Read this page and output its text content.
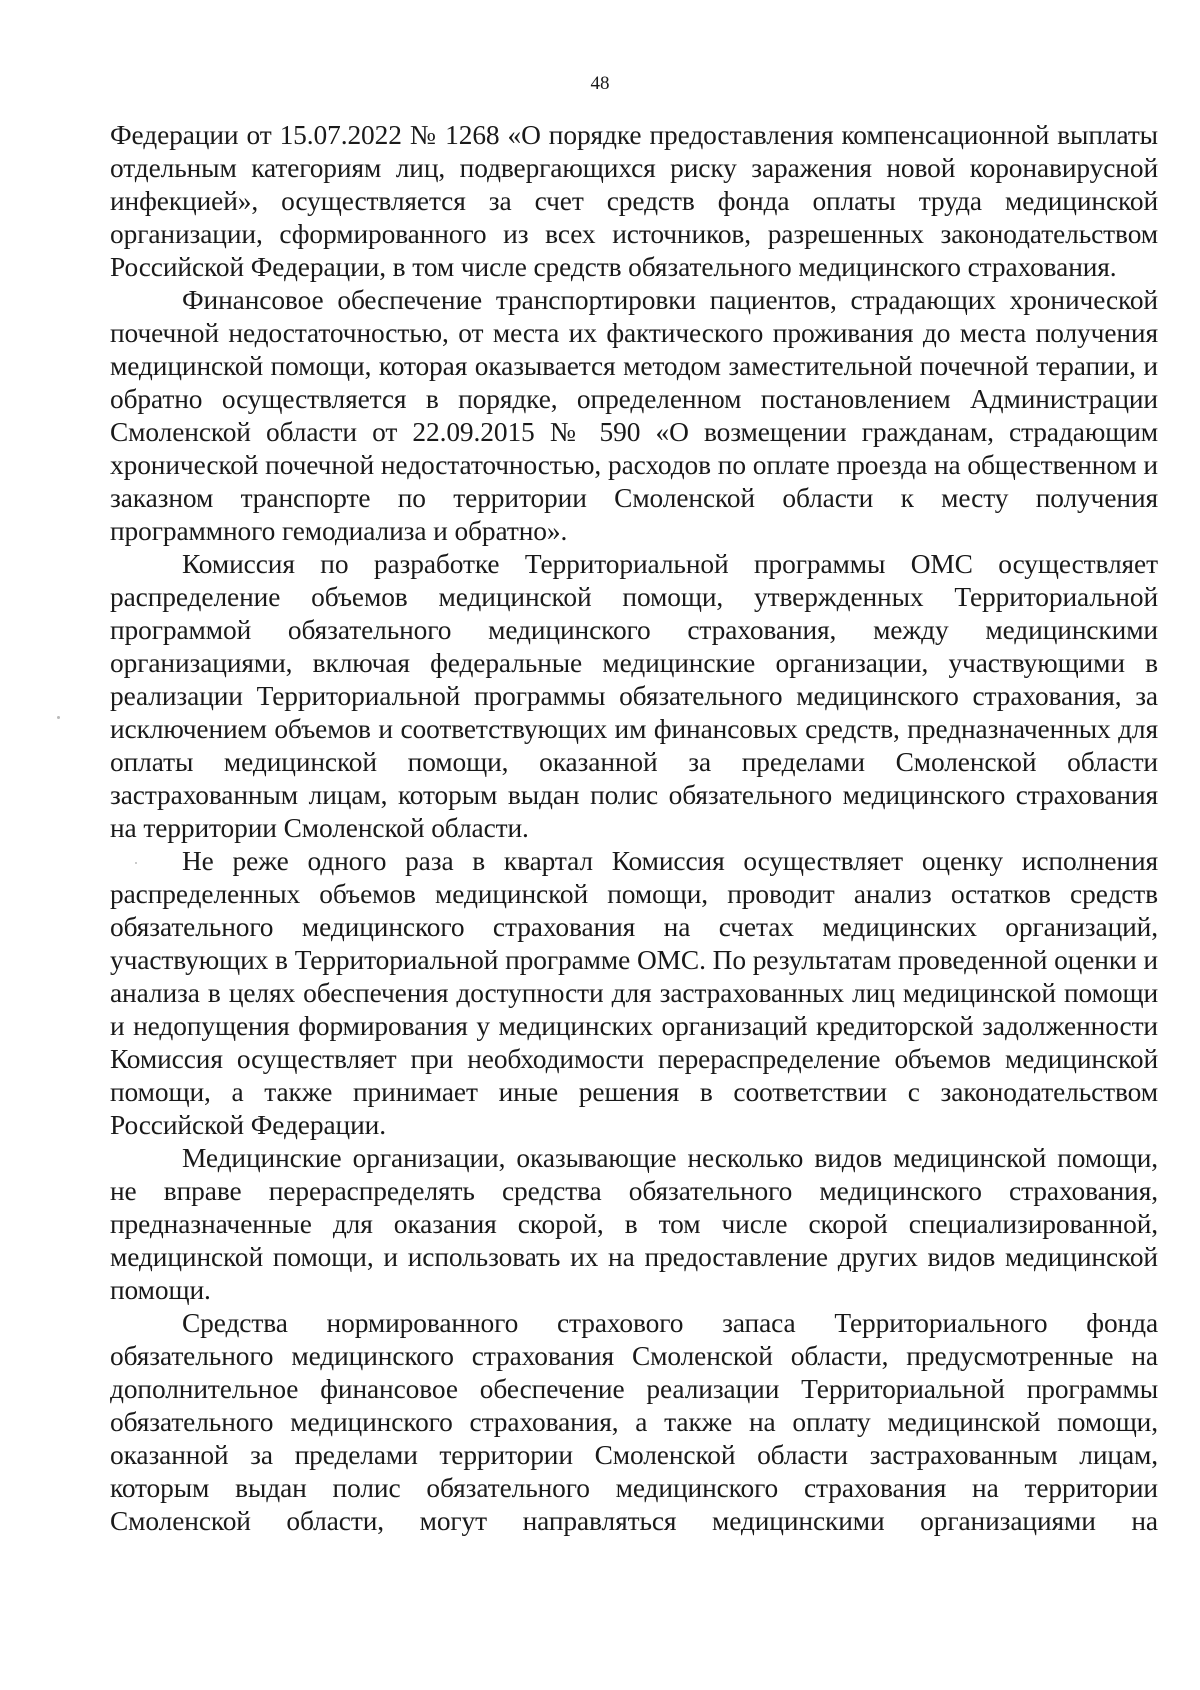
48

Федерации от 15.07.2022 № 1268 «О порядке предоставления компенсационной выплаты отдельным категориям лиц, подвергающихся риску заражения новой коронавирусной инфекцией», осуществляется за счет средств фонда оплаты труда медицинской организации, сформированного из всех источников, разрешенных законодательством Российской Федерации, в том числе средств обязательного медицинского страхования.

Финансовое обеспечение транспортировки пациентов, страдающих хронической почечной недостаточностью, от места их фактического проживания до места получения медицинской помощи, которая оказывается методом заместительной почечной терапии, и обратно осуществляется в порядке, определенном постановлением Администрации Смоленской области от 22.09.2015 № 590 «О возмещении гражданам, страдающим хронической почечной недостаточностью, расходов по оплате проезда на общественном и заказном транспорте по территории Смоленской области к месту получения программного гемодиализа и обратно».

Комиссия по разработке Территориальной программы ОМС осуществляет распределение объемов медицинской помощи, утвержденных Территориальной программой обязательного медицинского страхования, между медицинскими организациями, включая федеральные медицинские организации, участвующими в реализации Территориальной программы обязательного медицинского страхования, за исключением объемов и соответствующих им финансовых средств, предназначенных для оплаты медицинской помощи, оказанной за пределами Смоленской области застрахованным лицам, которым выдан полис обязательного медицинского страхования на территории Смоленской области.

Не реже одного раза в квартал Комиссия осуществляет оценку исполнения распределенных объемов медицинской помощи, проводит анализ остатков средств обязательного медицинского страхования на счетах медицинских организаций, участвующих в Территориальной программе ОМС. По результатам проведенной оценки и анализа в целях обеспечения доступности для застрахованных лиц медицинской помощи и недопущения формирования у медицинских организаций кредиторской задолженности Комиссия осуществляет при необходимости перераспределение объемов медицинской помощи, а также принимает иные решения в соответствии с законодательством Российской Федерации.

Медицинские организации, оказывающие несколько видов медицинской помощи, не вправе перераспределять средства обязательного медицинского страхования, предназначенные для оказания скорой, в том числе скорой специализированной, медицинской помощи, и использовать их на предоставление других видов медицинской помощи.

Средства нормированного страхового запаса Территориального фонда обязательного медицинского страхования Смоленской области, предусмотренные на дополнительное финансовое обеспечение реализации Территориальной программы обязательного медицинского страхования, а также на оплату медицинской помощи, оказанной за пределами территории Смоленской области застрахованным лицам, которым выдан полис обязательного медицинского страхования на территории Смоленской области, могут направляться медицинскими организациями на
